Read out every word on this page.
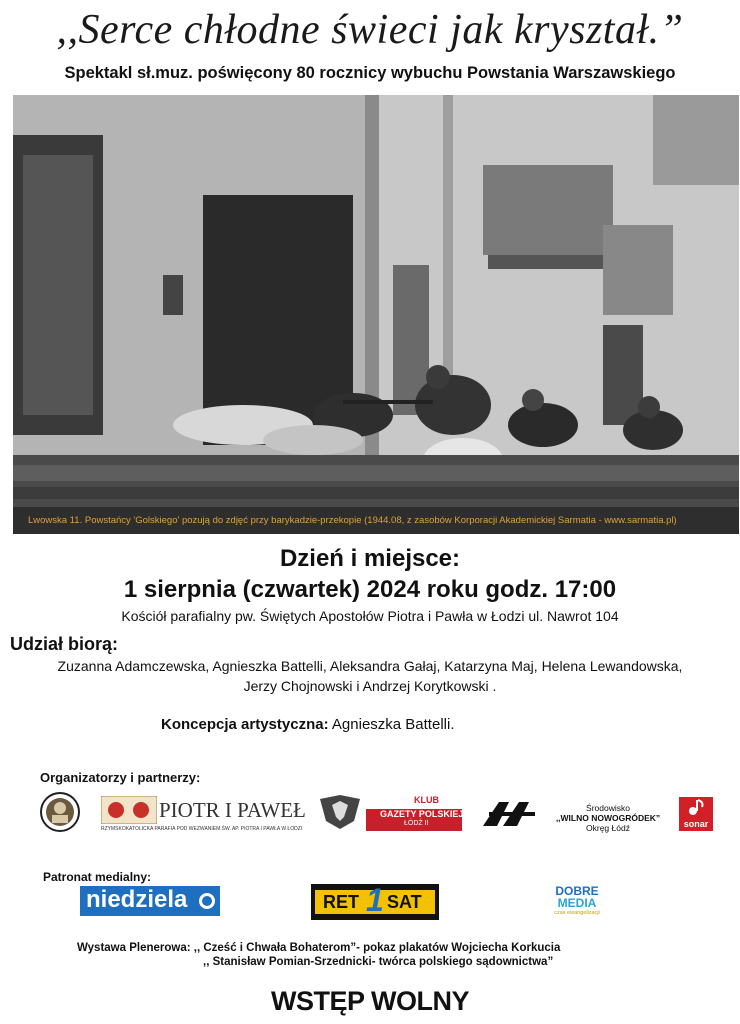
,,Serce chłodne świeci jak kryształ.”
Spektakl sł.muz. poświęcony 80 rocznicy wybuchu Powstania Warszawskiego
Lwowska 11. Powstańcy 'Golskiego' pozują do zdjęć przy barykadzie-przekopie (1944.08, z zasobów Korporacji Akademickiej Sarmatia - www.sarmatia.pl)
Dzień i miejsce:
1 sierpnia (czwartek) 2024 roku godz. 17:00
Kościół parafialny pw. Świętych Apostołów Piotra i Pawła w Łodzi ul. Nawrot 104
Udział biorą:
Zuzanna Adamczewska, Agnieszka Battelli, Aleksandra Gałaj, Katarzyna Maj, Helena Lewandowska,
Jerzy Chojnowski i Andrzej Korytkowski .
Koncepcja artystyczna: Agnieszka Battelli.
Organizatorzy i partnerzy:
PIOTR I PAWEŁ
RZYMSKOKATOLICKA PARAFIA POD WEZWANIEM ŚW. AP. PIOTRA I PAWŁA W ŁODZI
KLUB
GAZETY POLSKIEJ
ŁÓDŹ II
Środowisko
,,WILNO NOWOGRÓDEK”
Okręg Łódź	sonar
Patronat medialny:
niedziela	RET 1 SAT
DOBRE
MEDIA
czas ewangelizacji
Wystawa Plenerowa: ,, Cześć i Chwała Bohaterom”- pokaz plakatów Wojciecha Korkucia
,, Stanisław Pomian-Srzednicki- twórca polskiego sądownictwa”
WSTĘP WOLNY
